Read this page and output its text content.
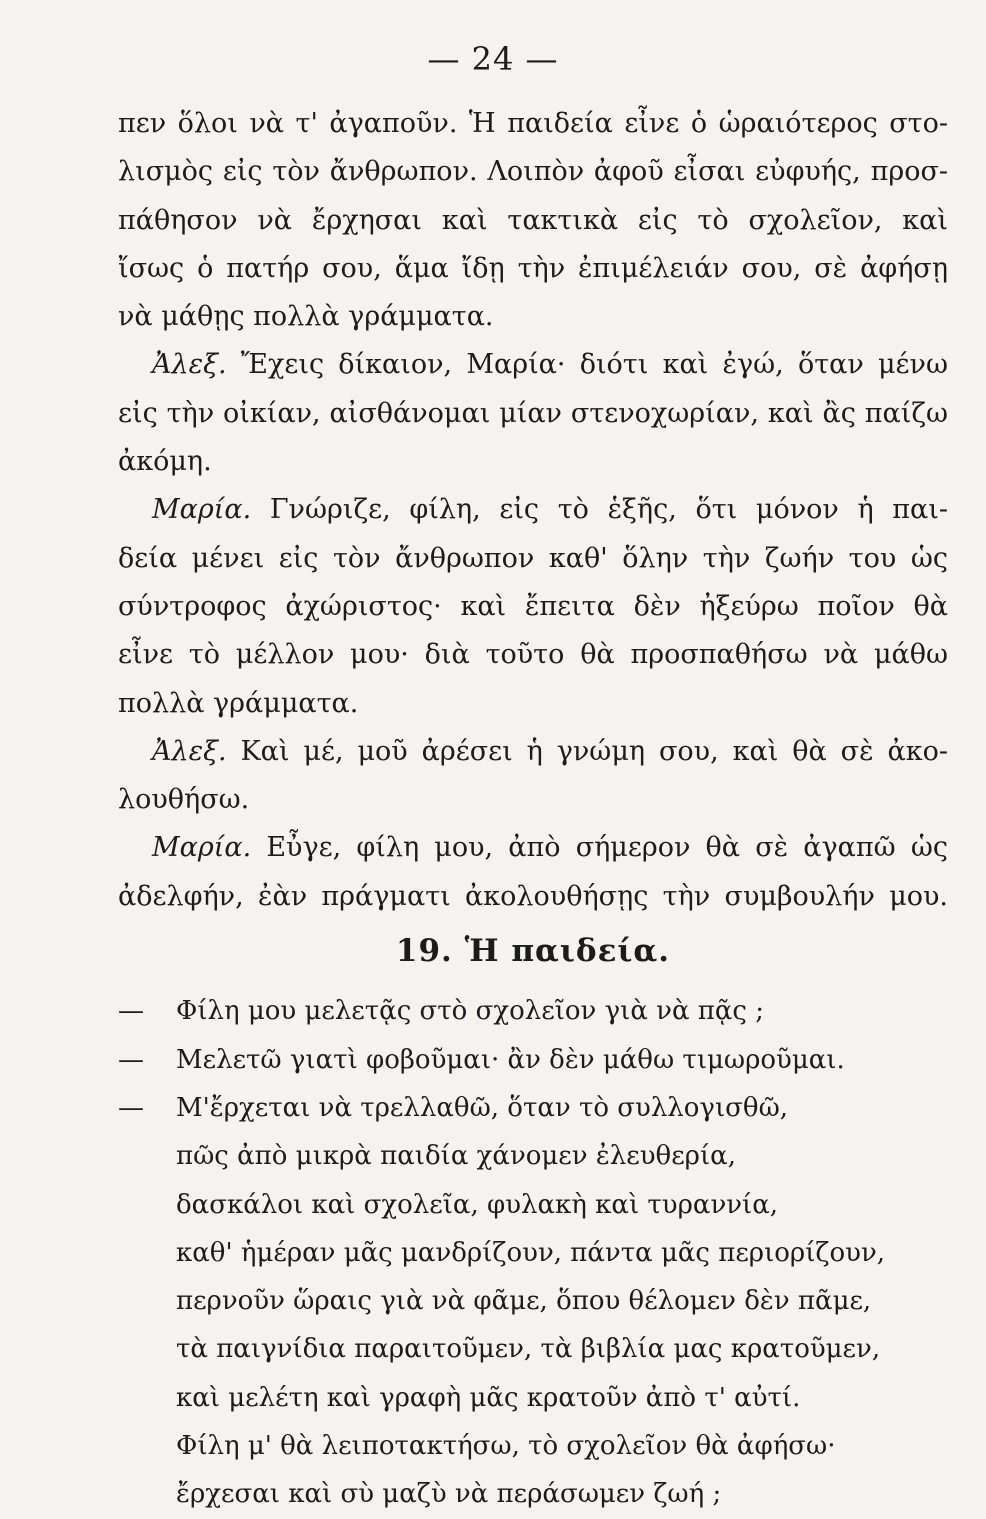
— 24 —
πεν ὅλοι νὰ τ' ἀγαποῦν. Ἡ παιδεία εἶνε ὁ ὡραιότερος στο-
λισμὸς εἰς τὸν ἄνθρωπον. Λοιπὸν ἀφοῦ εἶσαι εὐφυής, προσ-
πάθησον νὰ ἔρχησαι καὶ τακτικὰ εἰς τὸ σχολεῖον, καὶ
ἴσως ὁ πατήρ σου, ἅμα ἴδῃ τὴν ἐπιμέλειάν σου, σὲ ἀφήσῃ
νὰ μάθῃς πολλὰ γράμματα.
Ἀλεξ. Ἔχεις δίκαιον, Μαρία· διότι καὶ ἐγώ, ὅταν μένω
εἰς τὴν οἰκίαν, αἰσθάνομαι μίαν στενοχωρίαν, καὶ ἂς παίζω
ἀκόμη.
Μαρία. Γνώριζε, φίλη, εἰς τὸ ἑξῆς, ὅτι μόνον ἡ παι-
δεία μένει εἰς τὸν ἄνθρωπον καθ' ὅλην τὴν ζωήν του ὡς
σύντροφος ἀχώριστος· καὶ ἔπειτα δὲν ἠξεύρω ποῖον θὰ
εἶνε τὸ μέλλον μου· διὰ τοῦτο θὰ προσπαθήσω νὰ μάθω
πολλὰ γράμματα.
Ἀλεξ. Καὶ μέ, μοῦ ἀρέσει ἡ γνώμη σου, καὶ θὰ σὲ ἀκο-
λουθήσω.
Μαρία. Εὖγε, φίλη μου, ἀπὸ σήμερον θὰ σὲ ἀγαπῶ ὡς
ἀδελφήν, ἐὰν πράγματι ἀκολουθήσῃς τὴν συμβουλήν μου.
19. Ἡ παιδεία.
— Φίλη μου μελετᾷς στὸ σχολεῖον γιὰ νὰ πᾷς ;
— Μελετῶ γιατὶ φοβοῦμαι· ἂν δὲν μάθω τιμωροῦμαι.
— Μ'ἔρχεται νὰ τρελλαθῶ, ὅταν τὸ συλλογισθῶ,
πῶς ἀπὸ μικρὰ παιδία χάνομεν ἐλευθερία,
δασκάλοι καὶ σχολεῖα, φυλακὴ καὶ τυραννία,
καθ' ἡμέραν μᾶς μανδρίζουν, πάντα μᾶς περιορίζουν,
περνοῦν ὥραις γιὰ νὰ φᾶμε, ὅπου θέλομεν δὲν πᾶμε,
τὰ παιγνίδια παραιτοῦμεν, τὰ βιβλία μας κρατοῦμεν,
καὶ μελέτη καὶ γραφὴ μᾶς κρατοῦν ἀπὸ τ' αὐτί.
Φίλη μ' θὰ λειποτακτήσω, τὸ σχολεῖον θὰ ἀφήσω·
ἔρχεσαι καὶ σὺ μαζὺ νὰ περάσωμεν ζωή ;
